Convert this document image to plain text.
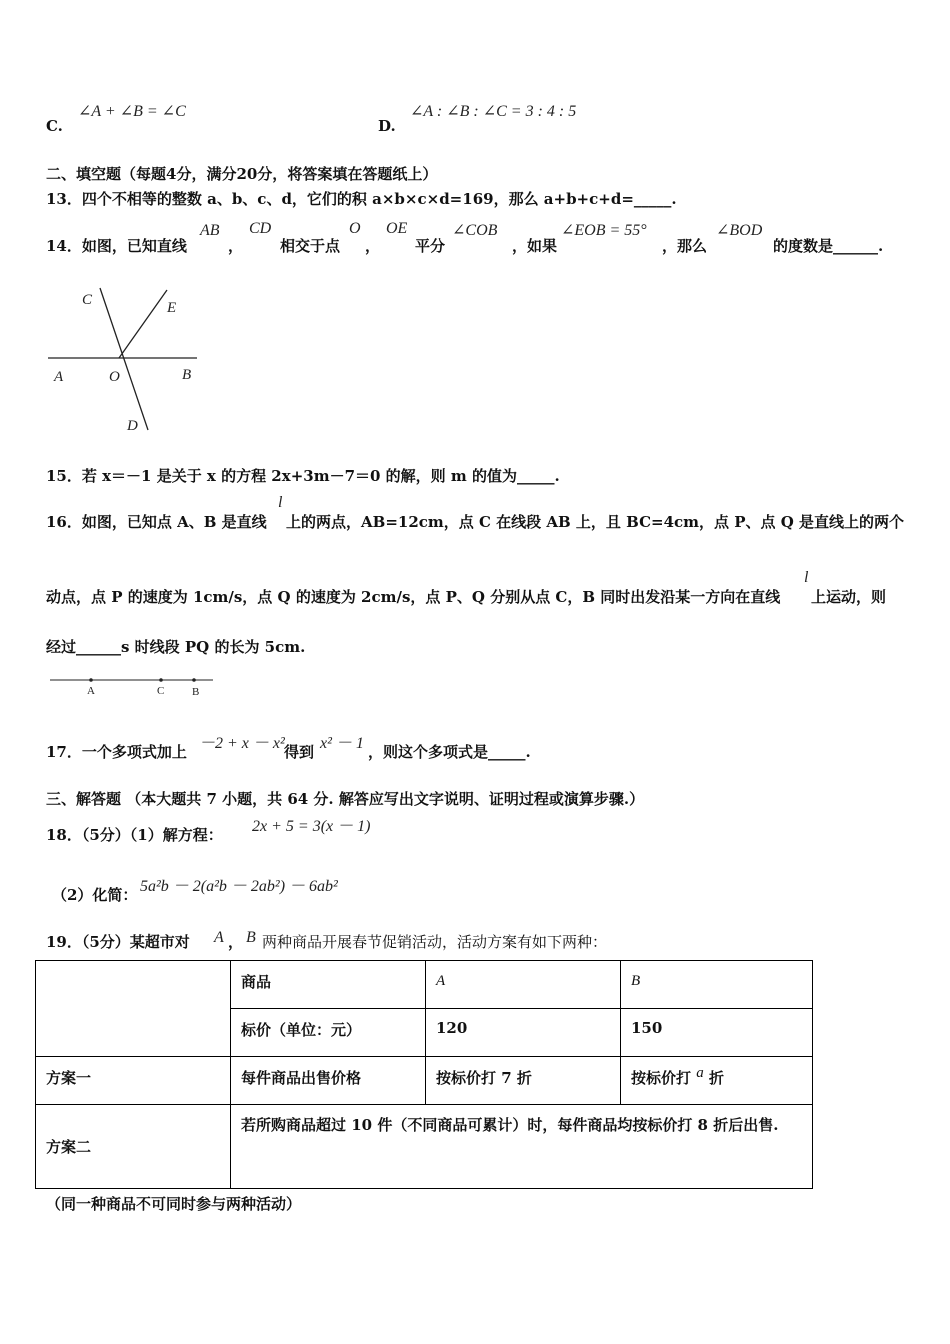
C.
∠A + ∠B = ∠C
D.
∠A : ∠B : ∠C = 3 : 4 : 5
二、填空题（每题4分，满分20分，将答案填在答题纸上）
13．四个不相等的整数 a、b、c、d，它们的积 a×b×c×d=169，那么 a+b+c+d=_____.
14．如图，已知直线
AB
，
CD
相交于点
O
，
OE
平分
∠COB
，如果
∠EOB = 55°
，那么
∠BOD
的度数是______.
C	E
A	O	B
D
15．若 x＝－1 是关于 x 的方程 2x+3m－7＝0 的解，则 m 的值为_____.
16．如图，已知点 A、B 是直线
l
上的两点，AB=12cm，点 C 在线段 AB 上，且 BC=4cm，点 P、点 Q 是直线上的两个
动点，点 P 的速度为 1cm/s，点 Q 的速度为 2cm/s，点 P、Q 分别从点 C，B 同时出发沿某一方向在直线
l
上运动，则
经过______s 时线段 PQ 的长为 5cm.
A	C	B
17．一个多项式加上 －2 + x － x² 得到 x² － 1 ，则这个多项式是_____.
三、解答题 （本大题共 7 小题，共 64 分. 解答应写出文字说明、证明过程或演算步骤.）
18．（5分）（1）解方程： 2x + 5 = 3(x － 1)
（2）化简： 5a²b － 2(a²b － 2ab²) － 6ab²
19．（5分）某超市对 A ， B 两种商品开展春节促销活动，活动方案有如下两种：
	商品	A	B
	标价（单位：元）	120	150
方案一	每件商品出售价格	按标价打 7 折	按标价打 a 折
方案二	若所购商品超过 10 件（不同商品可累计）时，每件商品均按标价打 8 折后出售.		
（同一种商品不可同时参与两种活动）
